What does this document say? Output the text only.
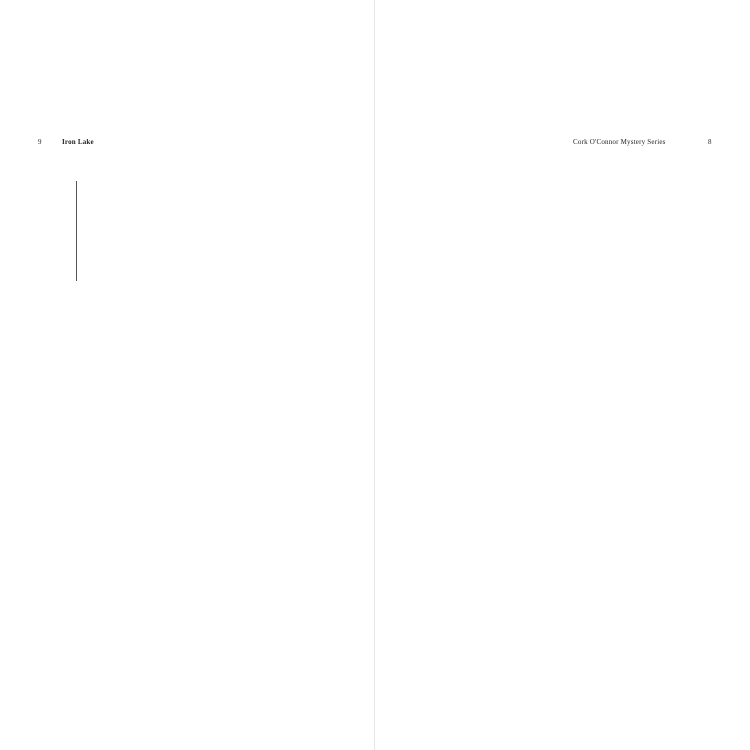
9	Iron Lake	Cork O'Connor Mystery Series	8
